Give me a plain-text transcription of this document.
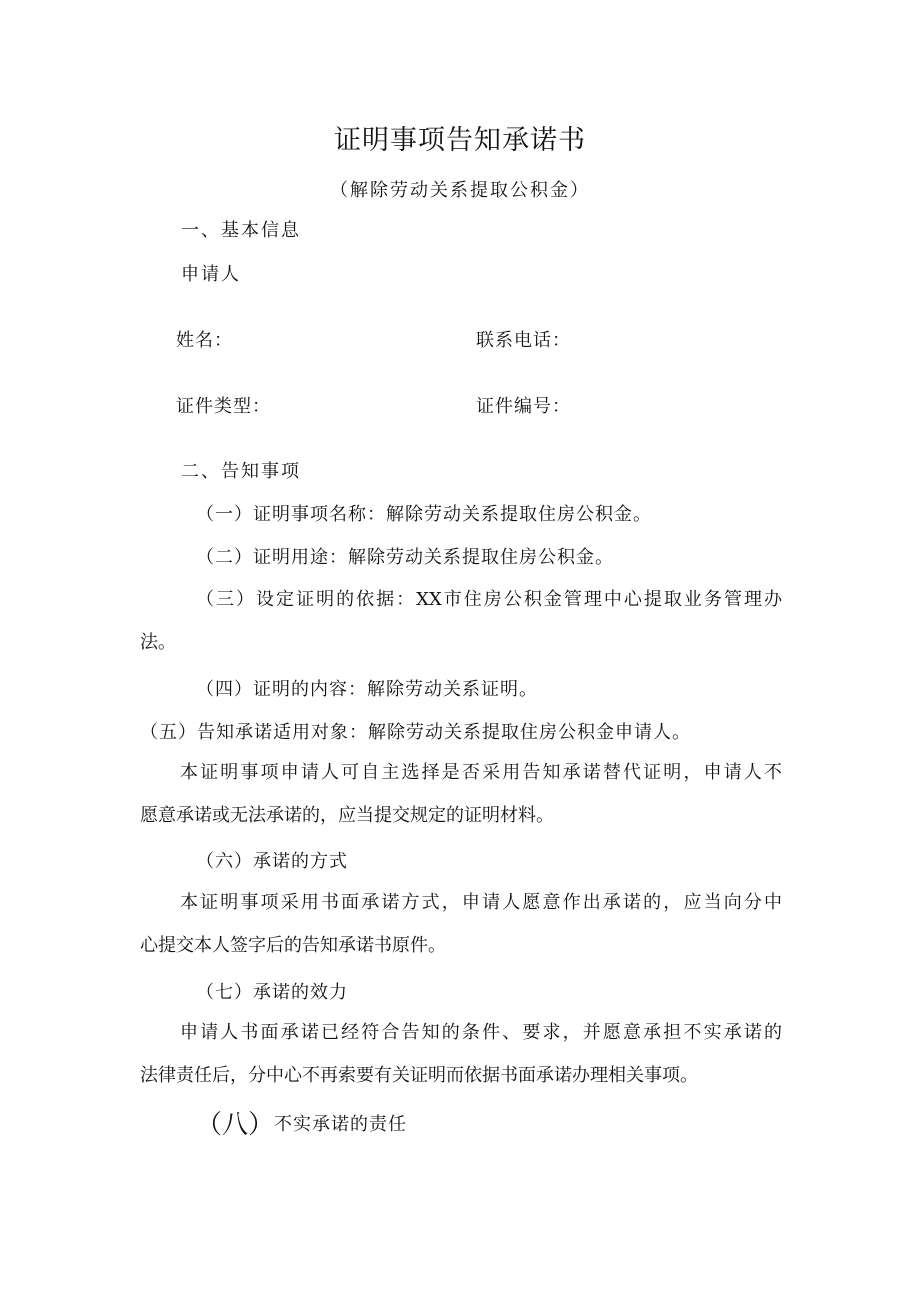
证明事项告知承诺书
（解除劳动关系提取公积金）
一、基本信息
申请人
姓名：	联系电话：
证件类型：	证件编号：
二、告知事项
（一）证明事项名称：解除劳动关系提取住房公积金。
（二）证明用途：解除劳动关系提取住房公积金。
（三）设定证明的依据：XX市住房公积金管理中心提取业务管理办
法。
（四）证明的内容：解除劳动关系证明。
（五）告知承诺适用对象：解除劳动关系提取住房公积金申请人。
本证明事项申请人可自主选择是否采用告知承诺替代证明，申请人不
愿意承诺或无法承诺的，应当提交规定的证明材料。
（六）承诺的方式
本证明事项采用书面承诺方式，申请人愿意作出承诺的，应当向分中
心提交本人签字后的告知承诺书原件。
（七）承诺的效力
申请人书面承诺已经符合告知的条件、要求，并愿意承担不实承诺的
法律责任后，分中心不再索要有关证明而依据书面承诺办理相关事项。
（八）不实承诺的责任
